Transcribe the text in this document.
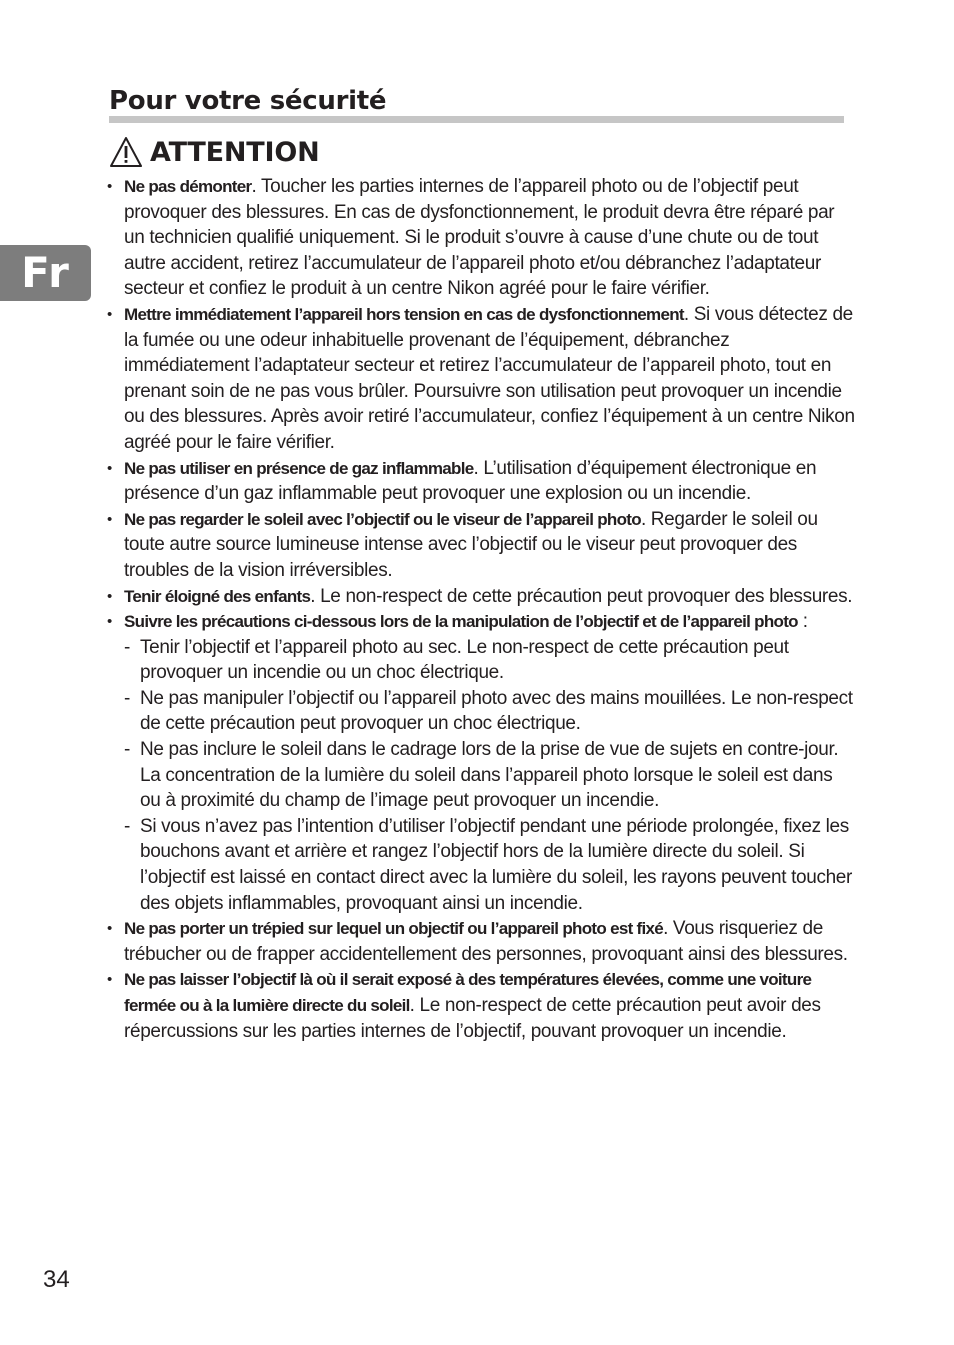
Fr
Pour votre sécurité
ATTENTION

• Ne pas démonter. Toucher les parties internes de l’appareil photo ou de l’objectif peut provoquer des blessures. En cas de dysfonctionnement, le produit devra être réparé par un technicien qualifié uniquement. Si le produit s’ouvre à cause d’une chute ou de tout autre accident, retirez l’accumulateur de l’appareil photo et/ou débranchez l’adaptateur secteur et confiez le produit à un centre Nikon agréé pour le faire vérifier.

• Mettre immédiatement l’appareil hors tension en cas de dysfonctionnement. Si vous détectez de la fumée ou une odeur inhabituelle provenant de l’équipement, débranchez immédiatement l’adaptateur secteur et retirez l’accumulateur de l’appareil photo, tout en prenant soin de ne pas vous brûler. Poursuivre son utilisation peut provoquer un incendie ou des blessures. Après avoir retiré l’accumulateur, confiez l’équipement à un centre Nikon agréé pour le faire vérifier.

• Ne pas utiliser en présence de gaz inflammable. L’utilisation d’équipement électronique en présence d’un gaz inflammable peut provoquer une explosion ou un incendie.

• Ne pas regarder le soleil avec l’objectif ou le viseur de l’appareil photo. Regarder le soleil ou toute autre source lumineuse intense avec l’objectif ou le viseur peut provoquer des troubles de la vision irréversibles.

• Tenir éloigné des enfants. Le non-respect de cette précaution peut provoquer des blessures.

• Suivre les précautions ci-dessous lors de la manipulation de l’objectif et de l’appareil photo :

- Tenir l’objectif et l’appareil photo au sec. Le non-respect de cette précaution peut provoquer un incendie ou un choc électrique.

- Ne pas manipuler l’objectif ou l’appareil photo avec des mains mouillées. Le non-respect de cette précaution peut provoquer un choc électrique.

- Ne pas inclure le soleil dans le cadrage lors de la prise de vue de sujets en contre-jour. La concentration de la lumière du soleil dans l’appareil photo lorsque le soleil est dans ou à proximité du champ de l’image peut provoquer un incendie.

- Si vous n’avez pas l’intention d’utiliser l’objectif pendant une période prolongée, fixez les bouchons avant et arrière et rangez l’objectif hors de la lumière directe du soleil. Si l’objectif est laissé en contact direct avec la lumière du soleil, les rayons peuvent toucher des objets inflammables, provoquant ainsi un incendie.

• Ne pas porter un trépied sur lequel un objectif ou l’appareil photo est fixé. Vous risqueriez de trébucher ou de frapper accidentellement des personnes, provoquant ainsi des blessures.

• Ne pas laisser l’objectif là où il serait exposé à des températures élevées, comme une voiture fermée ou à la lumière directe du soleil. Le non-respect de cette précaution peut avoir des répercussions sur les parties internes de l’objectif, pouvant provoquer un incendie.

34
